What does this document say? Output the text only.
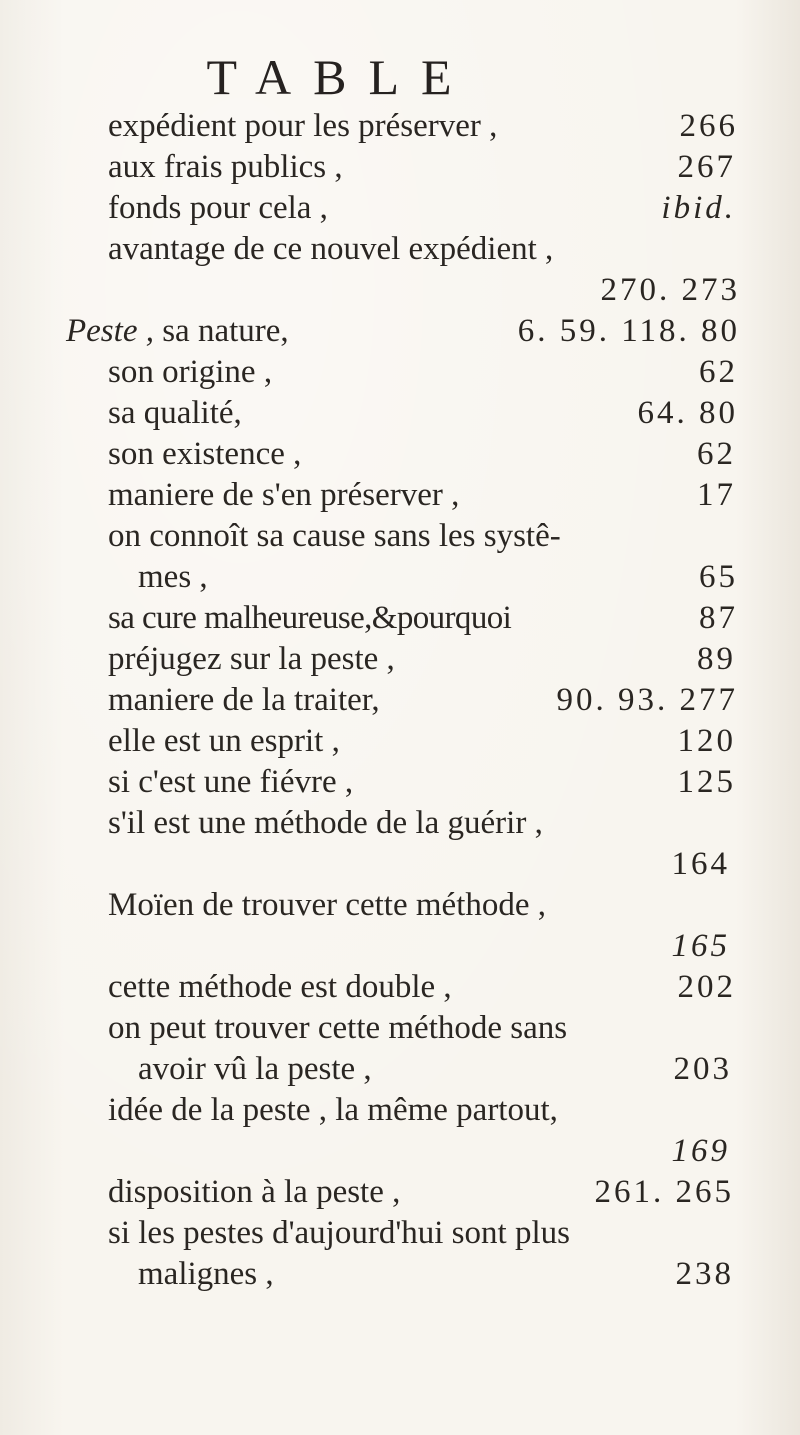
TABLE
expédient pour les préserver ,	266
aux frais publics ,	267
fonds pour cela ,	ibid.
avantage de ce nouvel expédient ,
270. 273
Peste , sa nature,	6. 59. 118. 80
son origine ,	62
sa qualité,	64. 80
son existence ,	62
maniere de s'en préserver ,	17
on connoît sa cause sans les systê-
mes ,	65
sa cure malheureuse,&pourquoi	87
préjugez sur la peste ,	89
maniere de la traiter,	90. 93. 277
elle est un esprit ,	120
si c'est une fiévre ,	125
s'il est une méthode de la guérir ,
164
Moïen de trouver cette méthode ,
165
cette méthode est double ,	202
on peut trouver cette méthode sans
avoir vû la peste ,	203
idée de la peste , la même partout,
169
disposition à la peste ,	261. 265
si les pestes d'aujourd'hui sont plus
malignes ,	238
